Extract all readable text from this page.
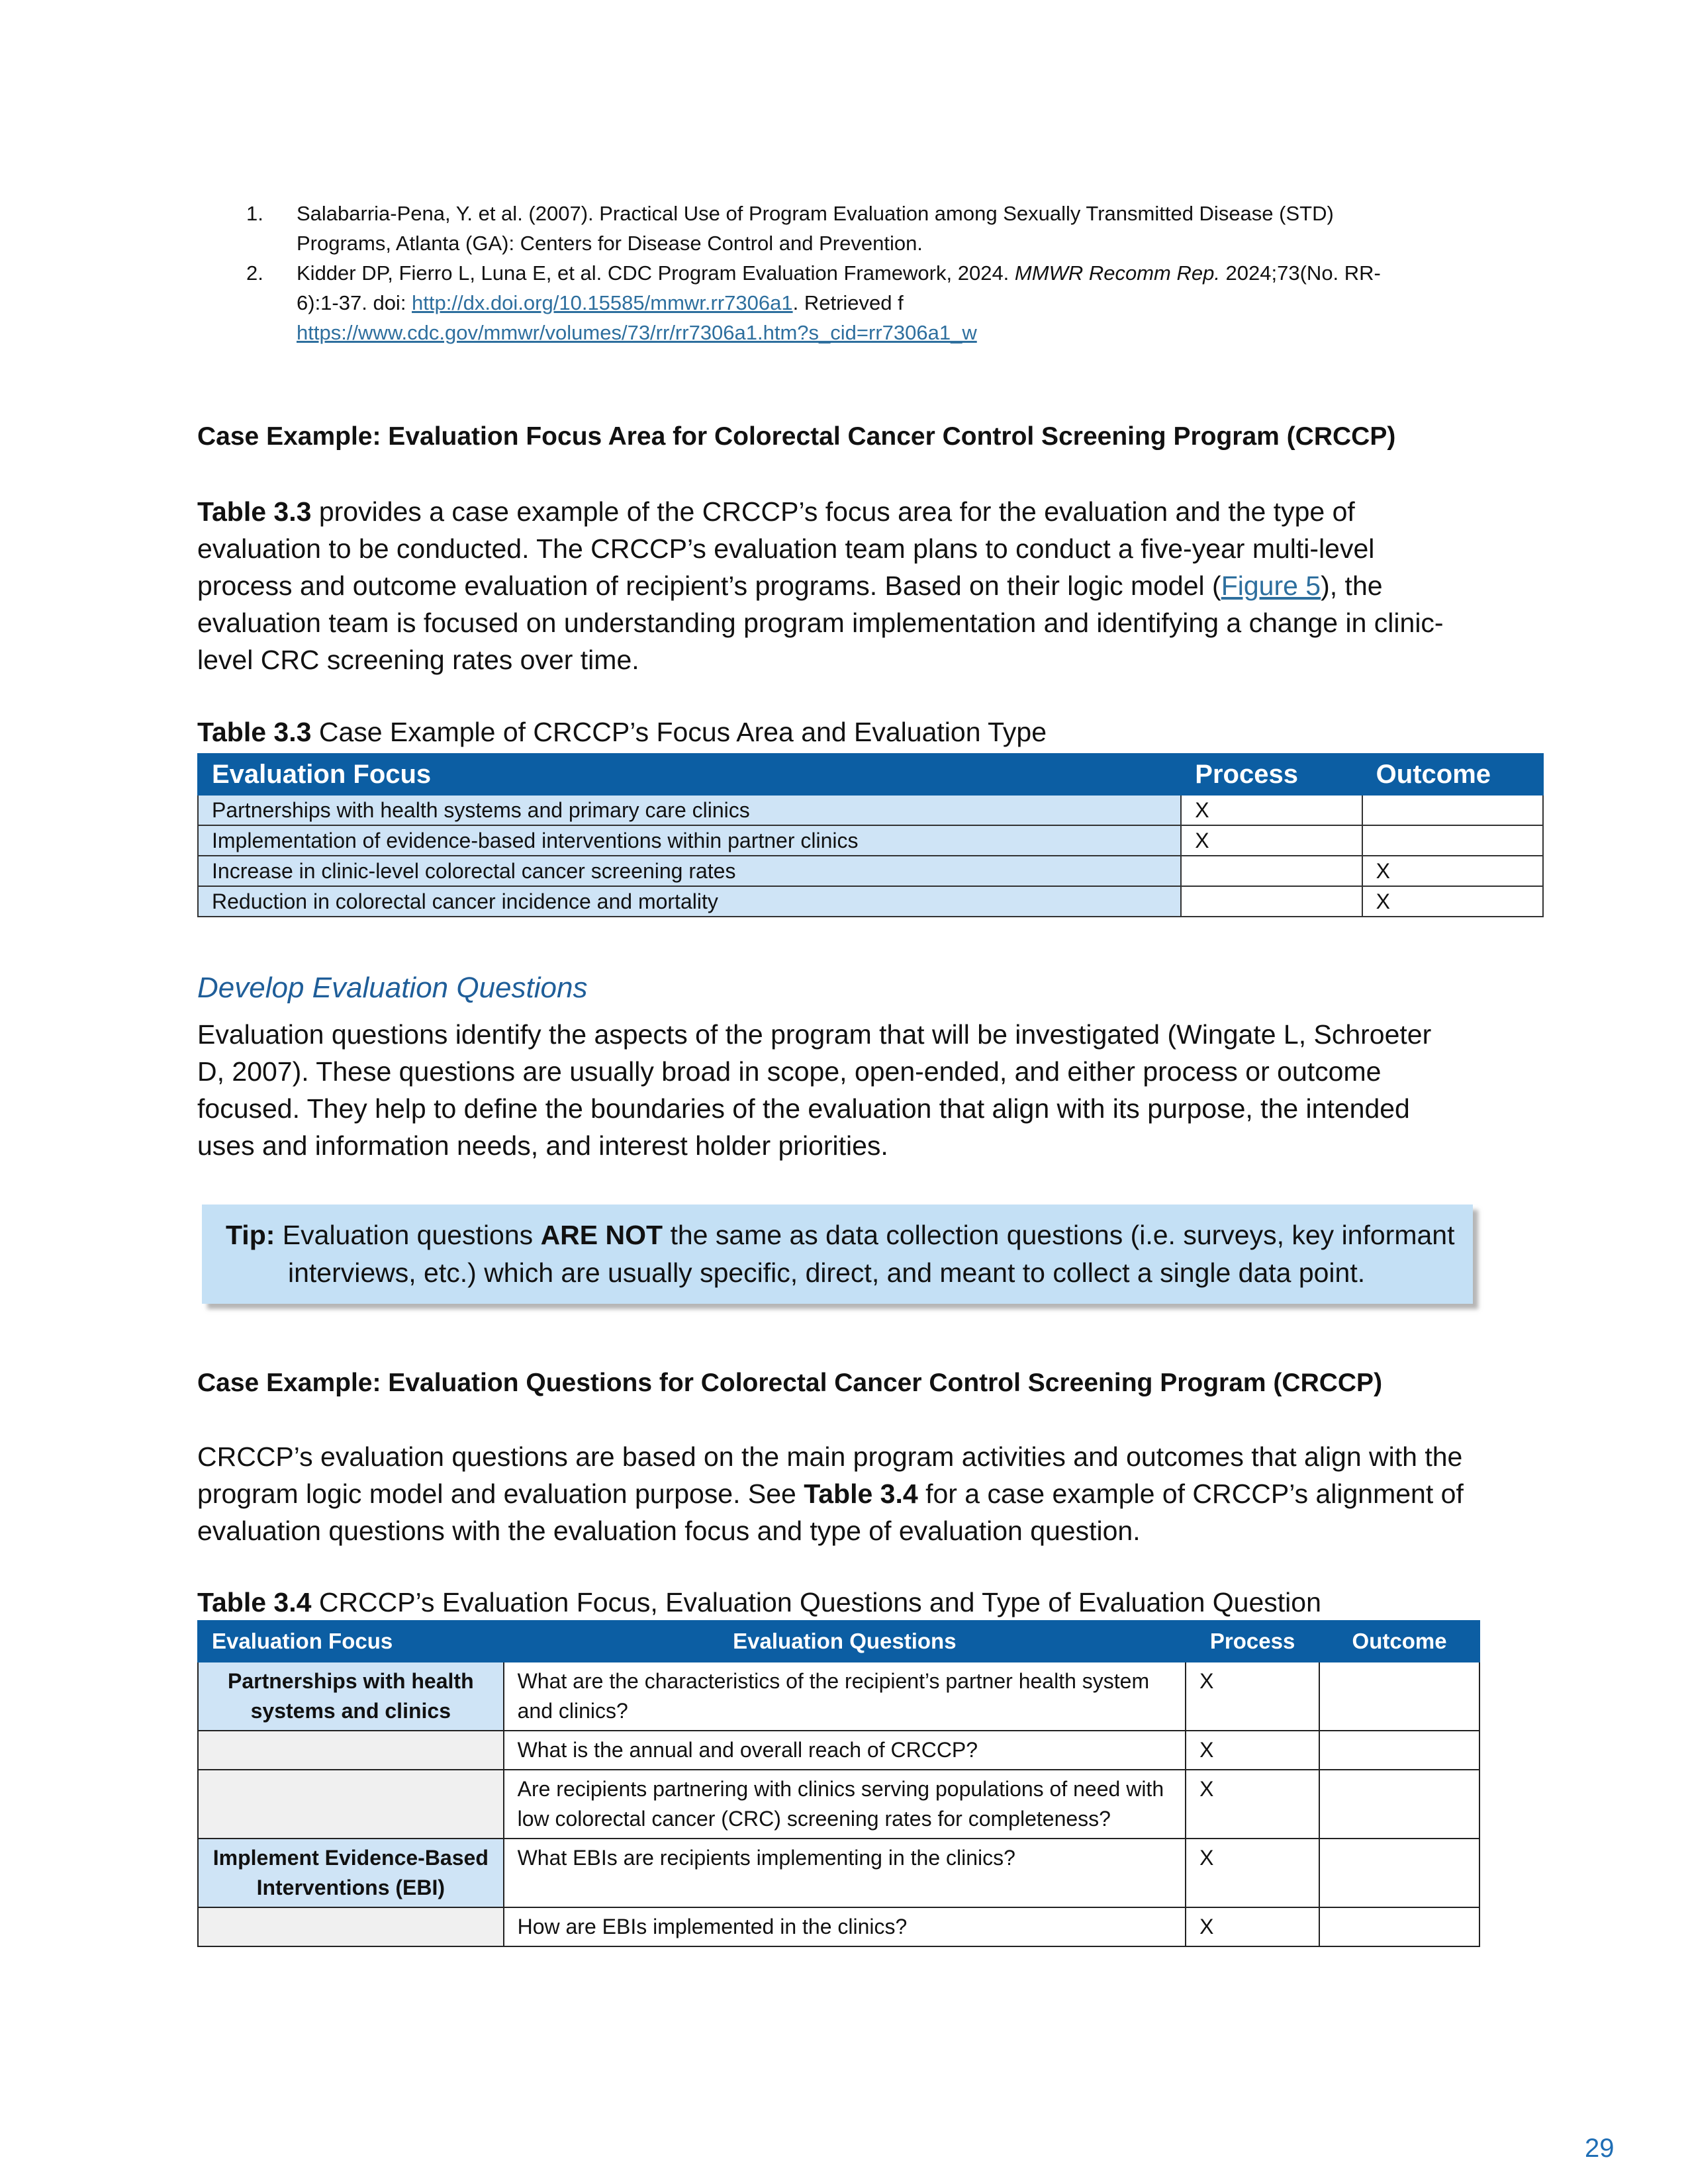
1.	Salabarria-Pena, Y. et al. (2007). Practical Use of Program Evaluation among Sexually Transmitted Disease (STD)
Programs, Atlanta (GA): Centers for Disease Control and Prevention.
2.	Kidder DP, Fierro L, Luna E, et al. CDC Program Evaluation Framework, 2024. MMWR Recomm Rep. 2024;73(No. RR-
6):1-37. doi: http://dx.doi.org/10.15585/mmwr.rr7306a1. Retrieved f
https://www.cdc.gov/mmwr/volumes/73/rr/rr7306a1.htm?s_cid=rr7306a1_w
Case Example: Evaluation Focus Area for Colorectal Cancer Control Screening Program (CRCCP)
Table 3.3 provides a case example of the CRCCP’s focus area for the evaluation and the type of
evaluation to be conducted. The CRCCP’s evaluation team plans to conduct a five-year multi-level
process and outcome evaluation of recipient’s programs. Based on their logic model (Figure 5), the
evaluation team is focused on understanding program implementation and identifying a change in clinic-
level CRC screening rates over time.
Table 3.3 Case Example of CRCCP’s Focus Area and Evaluation Type
Evaluation Focus	Process	Outcome
Partnerships with health systems and primary care clinics	X	
Implementation of evidence-based interventions within partner clinics	X	
Increase in clinic-level colorectal cancer screening rates		X
Reduction in colorectal cancer incidence and mortality		X
Develop Evaluation Questions
Evaluation questions identify the aspects of the program that will be investigated (Wingate L, Schroeter
D, 2007). These questions are usually broad in scope, open-ended, and either process or outcome
focused. They help to define the boundaries of the evaluation that align with its purpose, the intended
uses and information needs, and interest holder priorities.
Tip: Evaluation questions ARE NOT the same as data collection questions (i.e. surveys, key informant
interviews, etc.) which are usually specific, direct, and meant to collect a single data point.
Case Example: Evaluation Questions for Colorectal Cancer Control Screening Program (CRCCP)
CRCCP’s evaluation questions are based on the main program activities and outcomes that align with the
program logic model and evaluation purpose. See Table 3.4 for a case example of CRCCP’s alignment of
evaluation questions with the evaluation focus and type of evaluation question.
Table 3.4 CRCCP’s Evaluation Focus, Evaluation Questions and Type of Evaluation Question
Evaluation Focus	Evaluation Questions	Process	Outcome
Partnerships with health systems and clinics	What are the characteristics of the recipient’s partner health system and clinics?	X	
	What is the annual and overall reach of CRCCP?	X	
	Are recipients partnering with clinics serving populations of need with low colorectal cancer (CRC) screening rates for completeness?	X	
Implement Evidence-Based Interventions (EBI)	What EBIs are recipients implementing in the clinics?	X	
	How are EBIs implemented in the clinics?	X	
29
